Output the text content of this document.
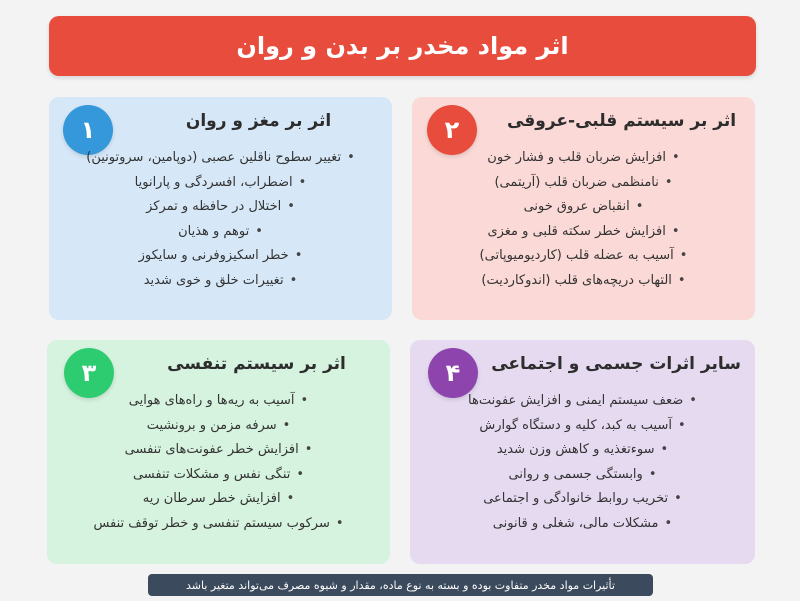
اثر مواد مخدر بر بدن و روان
۱	اثر بر مغز و روان
•تغییر سطوح ناقلین عصبی (دوپامین، سروتونین)
•اضطراب، افسردگی و پارانویا
•اختلال در حافظه و تمرکز
•توهم و هذیان
•خطر اسکیزوفرنی و سایکوز
•تغییرات خلق و خوی شدید
۲	اثر بر سیستم قلبی-عروقی
•افزایش ضربان قلب و فشار خون
•نامنظمی ضربان قلب (آریتمی)
•انقباض عروق خونی
•افزایش خطر سکته قلبی و مغزی
•آسیب به عضله قلب (کاردیومیوپاتی)
•التهاب دریچه‌های قلب (اندوکاردیت)
۳	اثر بر سیستم تنفسی
•آسیب به ریه‌ها و راه‌های هوایی
•سرفه مزمن و برونشیت
•افزایش خطر عفونت‌های تنفسی
•تنگی نفس و مشکلات تنفسی
•افزایش خطر سرطان ریه
•سرکوب سیستم تنفسی و خطر توقف تنفس
۴ سایر اثرات جسمی و اجتماعی
•ضعف سیستم ایمنی و افزایش عفونت‌ها
•آسیب به کبد، کلیه و دستگاه گوارش
•سوءتغذیه و کاهش وزن شدید
•وابستگی جسمی و روانی
•تخریب روابط خانوادگی و اجتماعی
•مشکلات مالی، شغلی و قانونی
تأثیرات مواد مخدر متفاوت بوده و بسته به نوع ماده، مقدار و شیوه مصرف می‌تواند متغیر باشد
